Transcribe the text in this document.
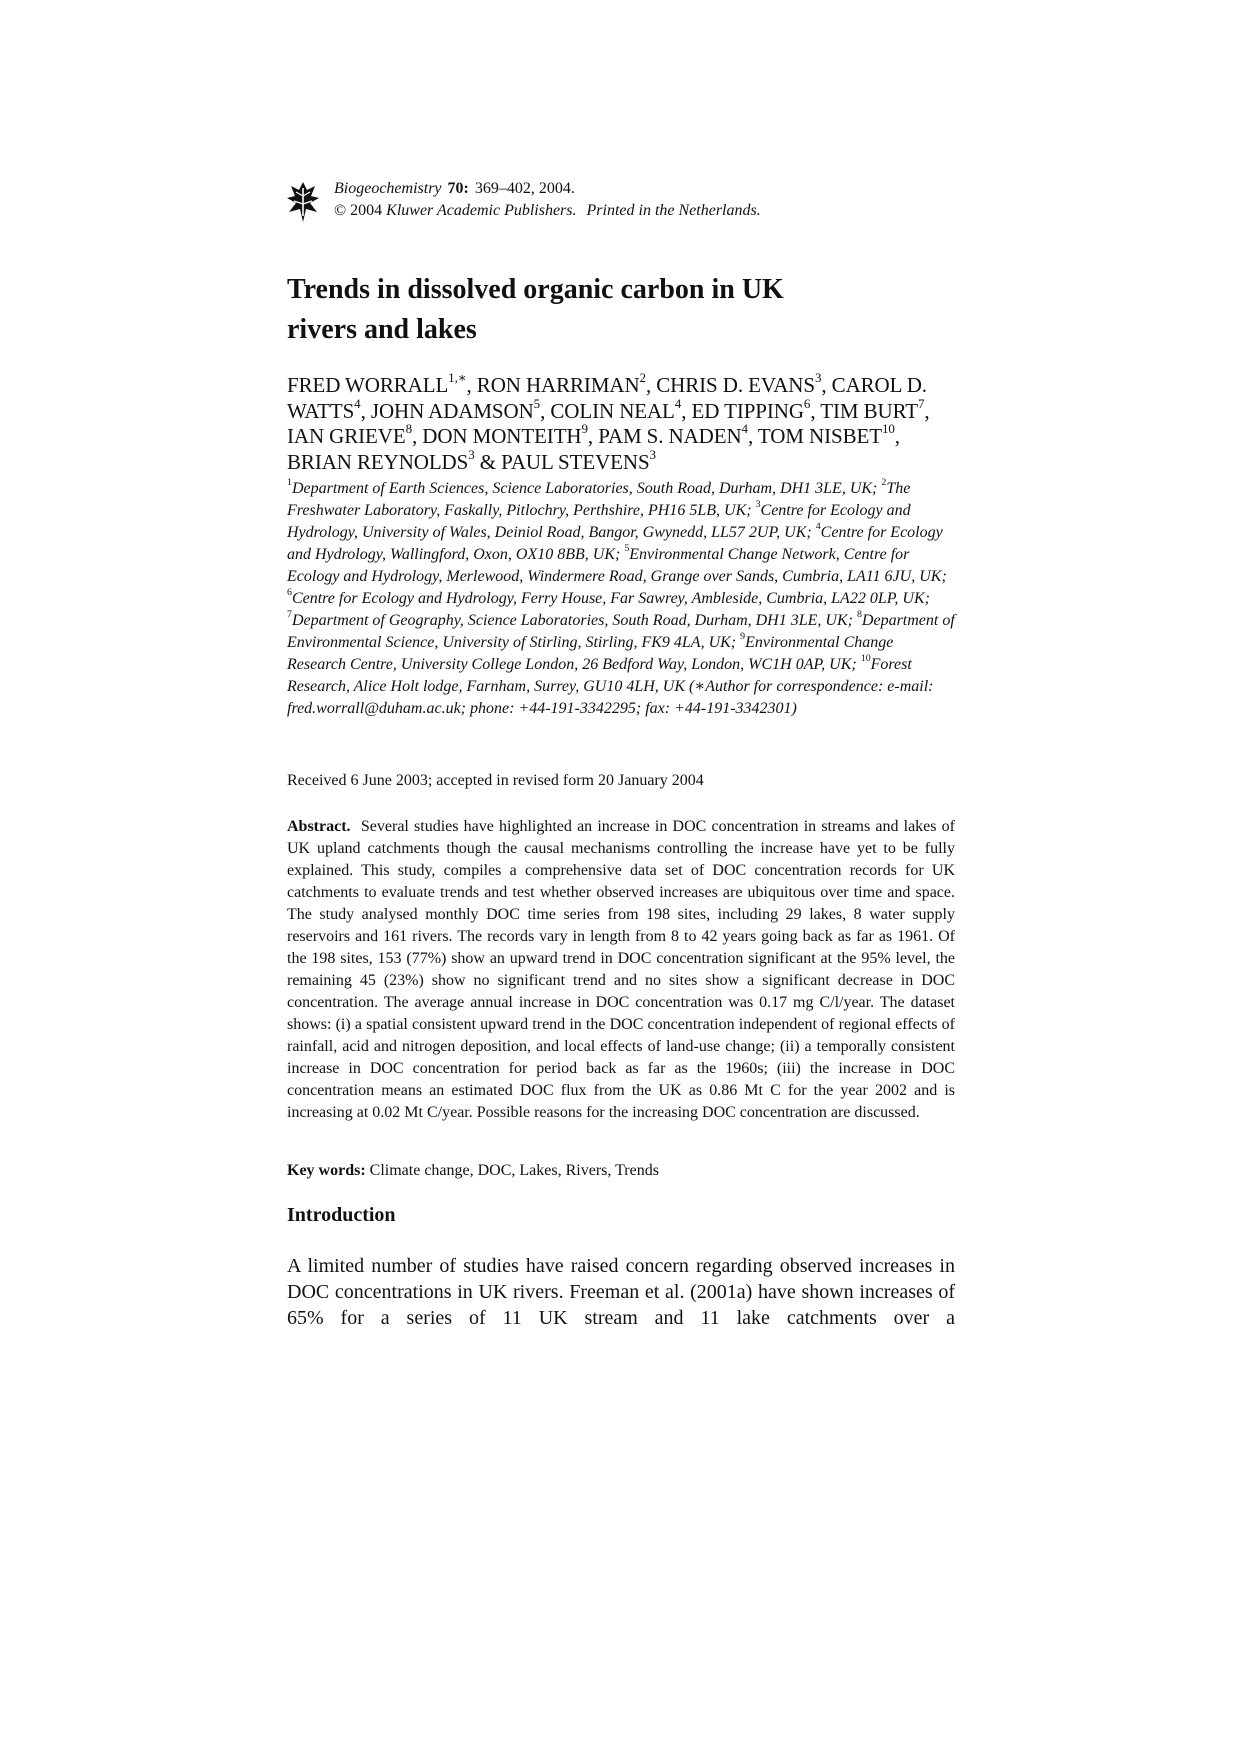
Biogeochemistry 70: 369–402, 2004.
© 2004 Kluwer Academic Publishers. Printed in the Netherlands.
Trends in dissolved organic carbon in UK rivers and lakes

FRED $WORRALL^{1,∗}$, RON HARRIMAN$^2$, CHRIS D. EVANS$^3$, CAROL D. WATTS$^4$, JOHN ADAMSON$^5$, COLIN NEAL$^4$, ED TIPPING$^6$, TIM BURT$^7$, IAN GRIEVE$^8$, DON MONTEITH$^9$, PAM S. NADEN$^4$, TOM NISBET$^{10}$, BRIAN REYNOLDS$^3$ & PAUL STEVENS$^3$

$^1$Department of Earth Sciences, Science Laboratories, South Road, Durham, DH1 3LE, UK; $^2$The Freshwater Laboratory, Faskally, Pitlochry, Perthshire, PH16 5LB, UK; $^3$Centre for Ecology and Hydrology, University of Wales, Deiniol Road, Bangor, Gwynedd, LL57 2UP, UK; $^4$Centre for Ecology and Hydrology, Wallingford, Oxon, OX10 8BB, UK; $^5$Environmental Change Network, Centre for Ecology and Hydrology, Merlewood, Windermere Road, Grange over Sands, Cumbria, LA11 6JU, UK; $^6$Centre for Ecology and Hydrology, Ferry House, Far Sawrey, Ambleside, Cumbria, LA22 0LP, UK; $^7$Department of Geography, Science Laboratories, South Road, Durham, DH1 3LE, UK; $^8$Department of Environmental Science, University of Stirling, Stirling, FK9 4LA, UK; $^9$Environmental Change Research Centre, University College London, 26 Bedford Way, London, WC1H 0AP, UK; $^{10}$Forest Research, Alice Holt lodge, Farnham, Surrey, GU10 4LH, UK (∗Author for correspondence: e-mail: fred.worrall@duham.ac.uk; phone: +44-191-3342295; fax: +44-191-3342301)

Received 6 June 2003; accepted in revised form 20 January 2004

Abstract. Several studies have highlighted an increase in DOC concentration in streams and lakes of UK upland catchments though the causal mechanisms controlling the increase have yet to be fully explained. This study, compiles a comprehensive data set of DOC concentration records for UK catchments to evaluate trends and test whether observed increases are ubiquitous over time and space. The study analysed monthly DOC time series from 198 sites, including 29 lakes, 8 water supply reservoirs and 161 rivers. The records vary in length from 8 to 42 years going back as far as 1961. Of the 198 sites, 153 (77%) show an upward trend in DOC concentration significant at the 95% level, the remaining 45 (23%) show no significant trend and no sites show a significant decrease in DOC concentration. The average annual increase in DOC concentration was 0.17 mg C/l/year. The dataset shows: (i) a spatial consistent upward trend in the DOC concentration independent of regional effects of rainfall, acid and nitrogen deposition, and local effects of land-use change; (ii) a temporally consistent increase in DOC concentration for period back as far as the 1960s; (iii) the increase in DOC concentration means an estimated DOC flux from the UK as 0.86 Mt C for the year 2002 and is increasing at 0.02 Mt C/year. Possible reasons for the increasing DOC concentration are discussed.

Key words: Climate change, DOC, Lakes, Rivers, Trends

Introduction

A limited number of studies have raised concern regarding observed increases in DOC concentrations in UK rivers. Freeman et al. (2001a) have shown increases of 65% for a series of 11 UK stream and 11 lake catchments over a
